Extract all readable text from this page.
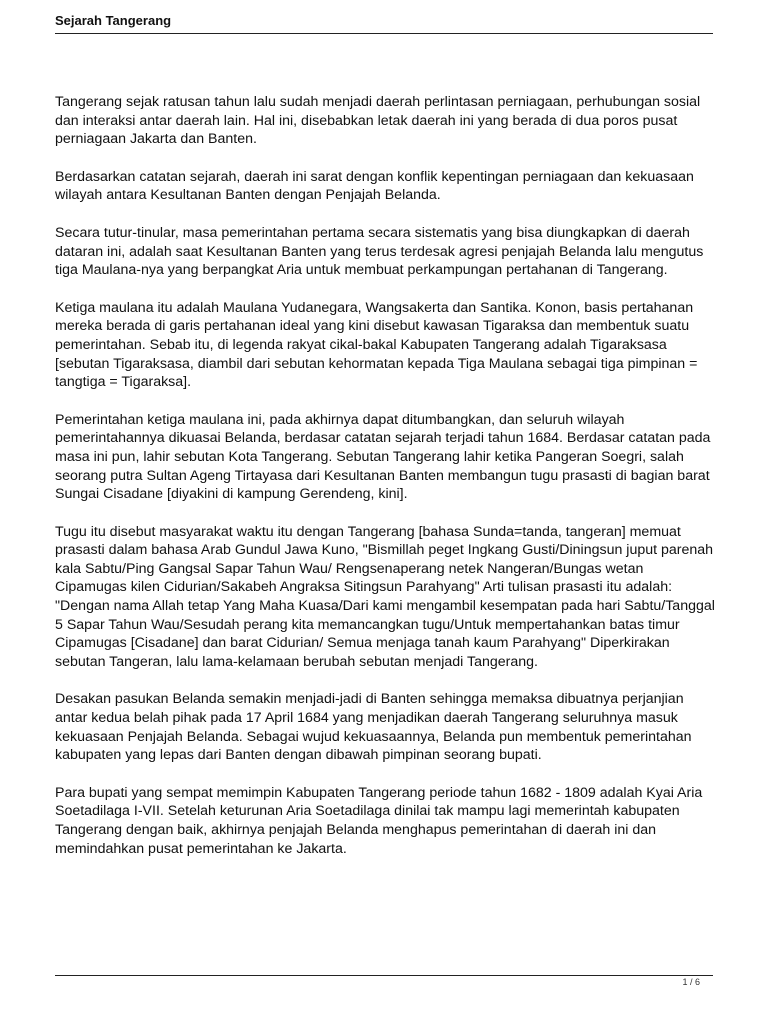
Sejarah Tangerang

Tangerang sejak ratusan tahun lalu sudah menjadi daerah perlintasan perniagaan, perhubungan sosial dan interaksi antar daerah lain. Hal ini, disebabkan letak daerah ini yang berada di dua poros pusat perniagaan Jakarta dan Banten.

Berdasarkan catatan sejarah, daerah ini sarat dengan konflik kepentingan perniagaan dan kekuasaan wilayah antara Kesultanan Banten dengan Penjajah Belanda.

Secara tutur-tinular, masa pemerintahan pertama secara sistematis yang bisa diungkapkan di daerah dataran ini, adalah saat Kesultanan Banten yang terus terdesak agresi penjajah Belanda lalu mengutus tiga Maulana-nya yang berpangkat Aria untuk membuat perkampungan pertahanan di Tangerang.

Ketiga maulana itu adalah Maulana Yudanegara, Wangsakerta dan Santika. Konon, basis pertahanan mereka berada di garis pertahanan ideal yang kini disebut kawasan Tigaraksa dan membentuk suatu pemerintahan. Sebab itu, di legenda rakyat cikal-bakal Kabupaten Tangerang adalah Tigaraksasa [sebutan Tigaraksasa, diambil dari sebutan kehormatan kepada Tiga Maulana sebagai tiga pimpinan = tangtiga = Tigaraksa].

Pemerintahan ketiga maulana ini, pada akhirnya dapat ditumbangkan, dan seluruh wilayah pemerintahannya dikuasai Belanda, berdasar catatan sejarah terjadi tahun 1684. Berdasar catatan pada masa ini pun, lahir sebutan Kota Tangerang. Sebutan Tangerang lahir ketika Pangeran Soegri, salah seorang putra Sultan Ageng Tirtayasa dari Kesultanan Banten membangun tugu prasasti di bagian barat Sungai Cisadane [diyakini di kampung Gerendeng, kini].

Tugu itu disebut masyarakat waktu itu dengan Tangerang [bahasa Sunda=tanda, tangeran] memuat prasasti dalam bahasa Arab Gundul Jawa Kuno, "Bismillah peget Ingkang Gusti/Diningsun juput parenah kala Sabtu/Ping Gangsal Sapar Tahun Wau/ Rengsenaperang netek Nangeran/Bungas wetan Cipamugas kilen Cidurian/Sakabeh Angraksa Sitingsun Parahyang" Arti tulisan prasasti itu adalah: "Dengan nama Allah tetap Yang Maha Kuasa/Dari kami mengambil kesempatan pada hari Sabtu/Tanggal 5 Sapar Tahun Wau/Sesudah perang kita memancangkan tugu/Untuk mempertahankan batas timur Cipamugas [Cisadane] dan barat Cidurian/ Semua menjaga tanah kaum Parahyang" Diperkirakan sebutan Tangeran, lalu lama-kelamaan berubah sebutan menjadi Tangerang.

Desakan pasukan Belanda semakin menjadi-jadi di Banten sehingga memaksa dibuatnya perjanjian antar kedua belah pihak pada 17 April 1684 yang menjadikan daerah Tangerang seluruhnya masuk kekuasaan Penjajah Belanda. Sebagai wujud kekuasaannya, Belanda pun membentuk pemerintahan kabupaten yang lepas dari Banten dengan dibawah pimpinan seorang bupati.

Para bupati yang sempat memimpin Kabupaten Tangerang periode tahun 1682 - 1809 adalah Kyai Aria Soetadilaga I-VII. Setelah keturunan Aria Soetadilaga dinilai tak mampu lagi memerintah kabupaten Tangerang dengan baik, akhirnya penjajah Belanda menghapus pemerintahan di daerah ini dan memindahkan pusat pemerintahan ke Jakarta.

1 / 6
